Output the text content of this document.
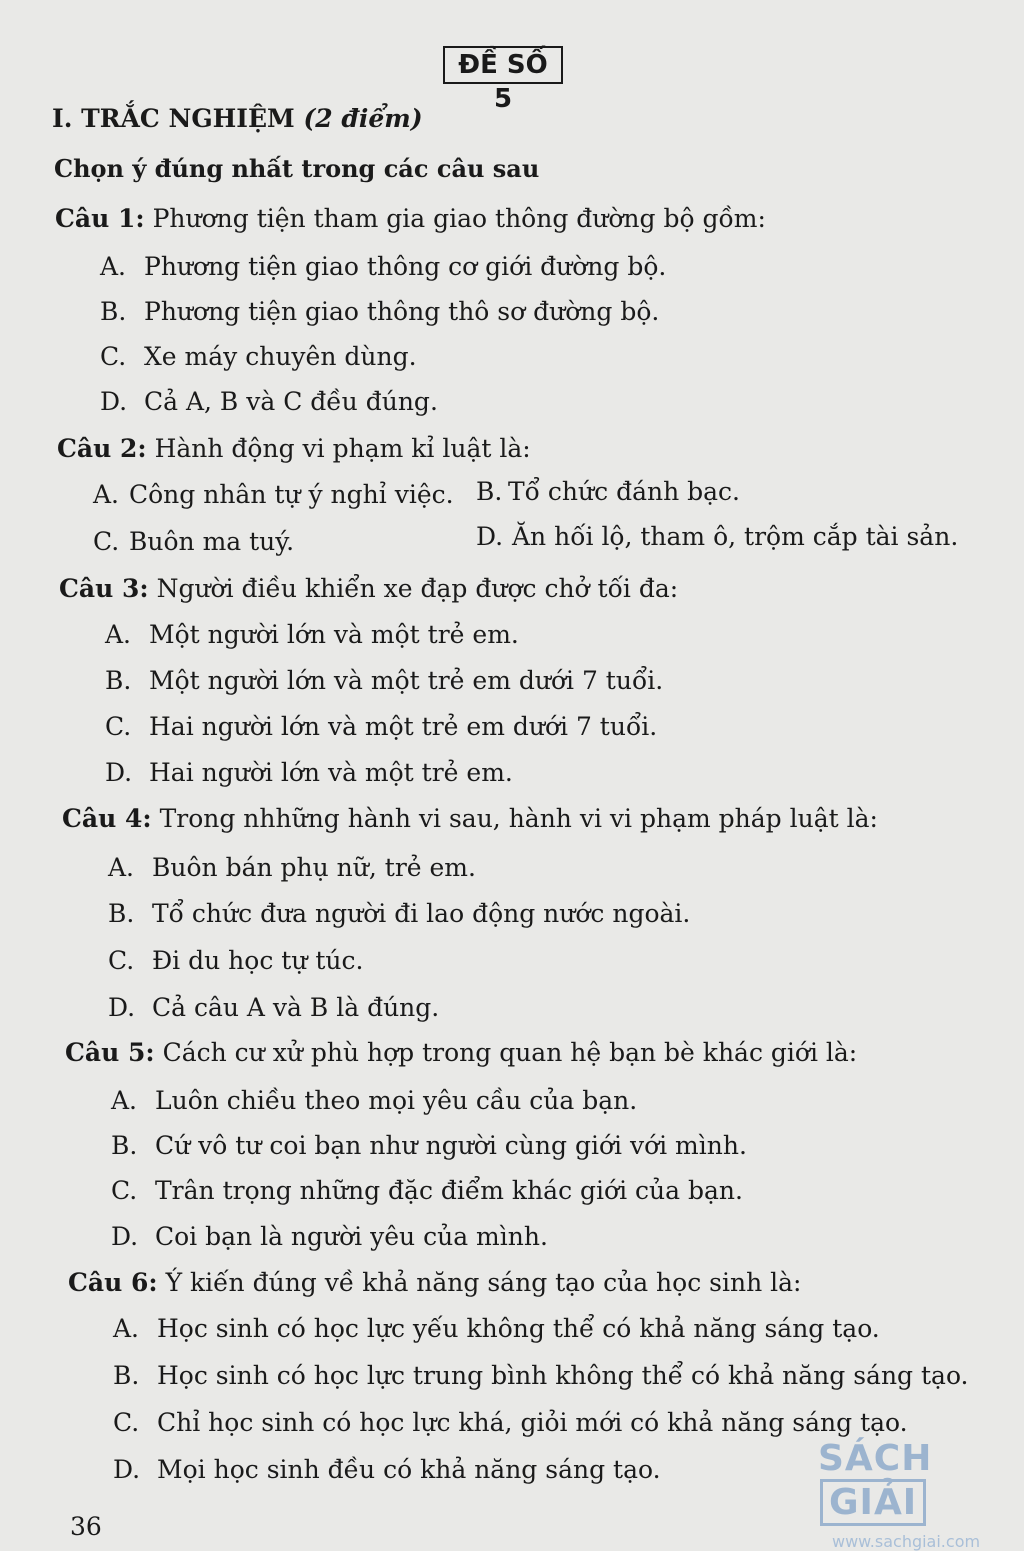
ĐỀ SỐ 5
I. TRẮC NGHIỆM (2 điểm)
Chọn ý đúng nhất trong các câu sau
Câu 1: Phương tiện tham gia giao thông đường bộ gồm:
A. Phương tiện giao thông cơ giới đường bộ.
B. Phương tiện giao thông thô sơ đường bộ.
C. Xe máy chuyên dùng.
D. Cả A, B và C đều đúng.
Câu 2: Hành động vi phạm kỉ luật là:
A. Công nhân tự ý nghỉ việc. B. Tổ chức đánh bạc.
C. Buôn ma tuý.	D. Ăn hối lộ, tham ô, trộm cắp tài sản.
Câu 3: Người điều khiển xe đạp được chở tối đa:
A. Một người lớn và một trẻ em.
B. Một người lớn và một trẻ em dưới 7 tuổi.
C. Hai người lớn và một trẻ em dưới 7 tuổi.
D. Hai người lớn và một trẻ em.
Câu 4: Trong nhhững hành vi sau, hành vi vi phạm pháp luật là:
A. Buôn bán phụ nữ, trẻ em.
B. Tổ chức đưa người đi lao động nước ngoài.
C. Đi du học tự túc.
D. Cả câu A và B là đúng.
Câu 5: Cách cư xử phù hợp trong quan hệ bạn bè khác giới là:
A. Luôn chiều theo mọi yêu cầu của bạn.
B. Cứ vô tư coi bạn như người cùng giới với mình.
C. Trân trọng những đặc điểm khác giới của bạn.
D. Coi bạn là người yêu của mình.
Câu 6: Ý kiến đúng về khả năng sáng tạo của học sinh là:
A. Học sinh có học lực yếu không thể có khả năng sáng tạo.
B. Học sinh có học lực trung bình không thể có khả năng sáng tạo.
C. Chỉ học sinh có học lực khá, giỏi mới có khả năng sáng tạo.
D. Mọi học sinh đều có khả năng sáng tạo.
36
SÁCHGIẢI
www.sachgiai.com
